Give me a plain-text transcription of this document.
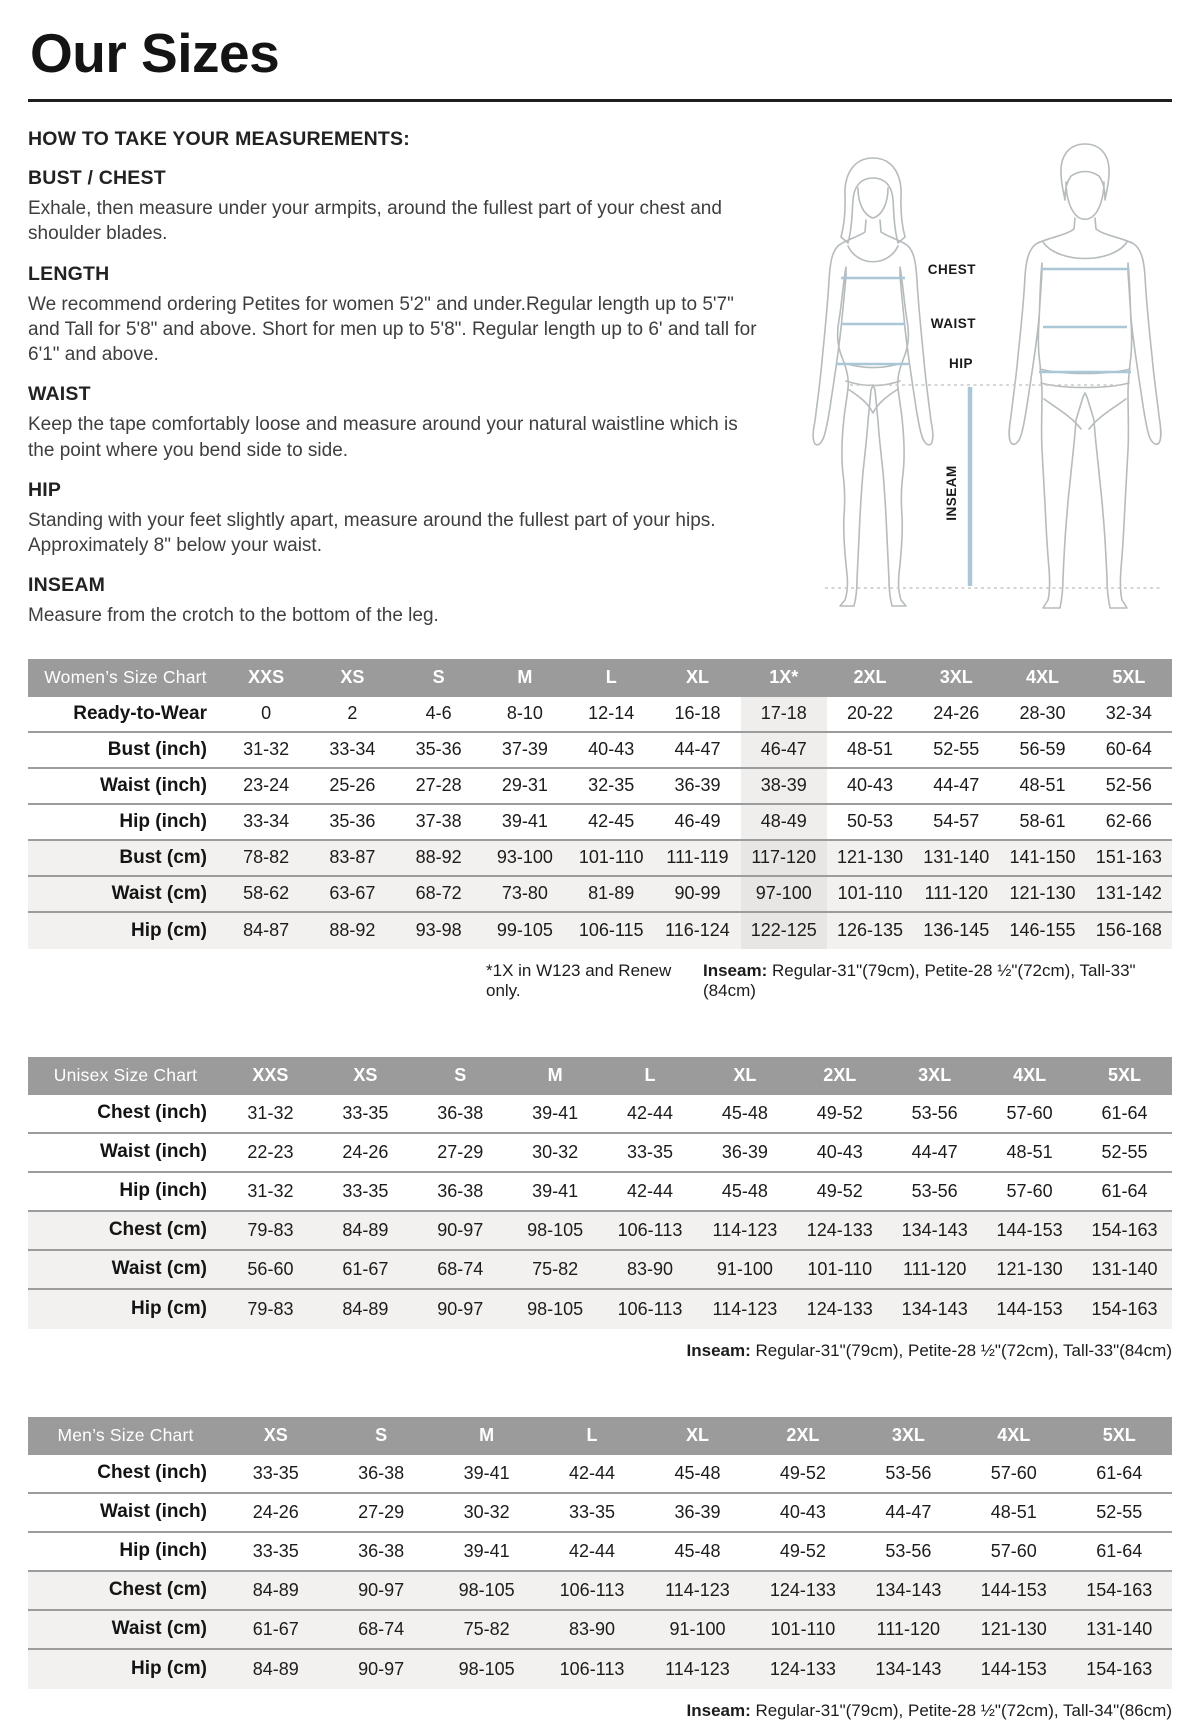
Our Sizes
HOW TO TAKE YOUR MEASUREMENTS:
BUST / CHEST

Exhale, then measure under your armpits, around the fullest part of your chest and shoulder blades.

LENGTH

We recommend ordering Petites for women 5'2" and under.Regular length up to 5'7" and Tall for 5'8" and above. Short for men up to 5'8". Regular length up to 6' and tall for 6'1" and above.

WAIST

Keep the tape comfortably loose and measure around your natural waistline which is the point where you bend side to side.

HIP

Standing with your feet slightly apart, measure around the fullest part of your hips. Approximately 8" below your waist.

INSEAM

Measure from the crotch to the bottom of the leg.

Women’s Size Chart	XXS	XS	S	M	L	XL	1X*	2XL	3XL	4XL	5XL
Ready-to-Wear	0	2	4-6	8-10	12-14	16-18	17-18	20-22	24-26	28-30	32-34
Bust (inch)	31-32	33-34	35-36	37-39	40-43	44-47	46-47	48-51	52-55	56-59	60-64
Waist (inch)	23-24	25-26	27-28	29-31	32-35	36-39	38-39	40-43	44-47	48-51	52-56
Hip (inch)	33-34	35-36	37-38	39-41	42-45	46-49	48-49	50-53	54-57	58-61	62-66
Bust (cm)	78-82	83-87	88-92	93-100	101-110	111-119	117-120	121-130	131-140	141-150	151-163
Waist (cm)	58-62	63-67	68-72	73-80	81-89	90-99	97-100	101-110	111-120	121-130	131-142
Hip (cm)	84-87	88-92	93-98	99-105	106-115	116-124	122-125	126-135	136-145	146-155	156-168
*1X in W123 and Renew only.
Inseam: Regular-31"(79cm), Petite-28 ½"(72cm), Tall-33"(84cm)
Unisex Size Chart	XXS	XS	S	M	L	XL	2XL	3XL	4XL	5XL
Chest (inch)	31-32	33-35	36-38	39-41	42-44	45-48	49-52	53-56	57-60	61-64
Waist (inch)	22-23	24-26	27-29	30-32	33-35	36-39	40-43	44-47	48-51	52-55
Hip (inch)	31-32	33-35	36-38	39-41	42-44	45-48	49-52	53-56	57-60	61-64
Chest (cm)	79-83	84-89	90-97	98-105	106-113	114-123	124-133	134-143	144-153	154-163
Waist (cm)	56-60	61-67	68-74	75-82	83-90	91-100	101-110	111-120	121-130	131-140
Hip (cm)	79-83	84-89	90-97	98-105	106-113	114-123	124-133	134-143	144-153	154-163
Inseam: Regular-31"(79cm), Petite-28 ½"(72cm), Tall-33"(84cm)
Men’s Size Chart	XS	S	M	L	XL	2XL	3XL	4XL	5XL
Chest (inch)	33-35	36-38	39-41	42-44	45-48	49-52	53-56	57-60	61-64
Waist (inch)	24-26	27-29	30-32	33-35	36-39	40-43	44-47	48-51	52-55
Hip (inch)	33-35	36-38	39-41	42-44	45-48	49-52	53-56	57-60	61-64
Chest (cm)	84-89	90-97	98-105	106-113	114-123	124-133	134-143	144-153	154-163
Waist (cm)	61-67	68-74	75-82	83-90	91-100	101-110	111-120	121-130	131-140
Hip (cm)	84-89	90-97	98-105	106-113	114-123	124-133	134-143	144-153	154-163
Inseam: Regular-31"(79cm), Petite-28 ½"(72cm), Tall-34"(86cm)
CHEST
WAIST
HIP
INSEAM
